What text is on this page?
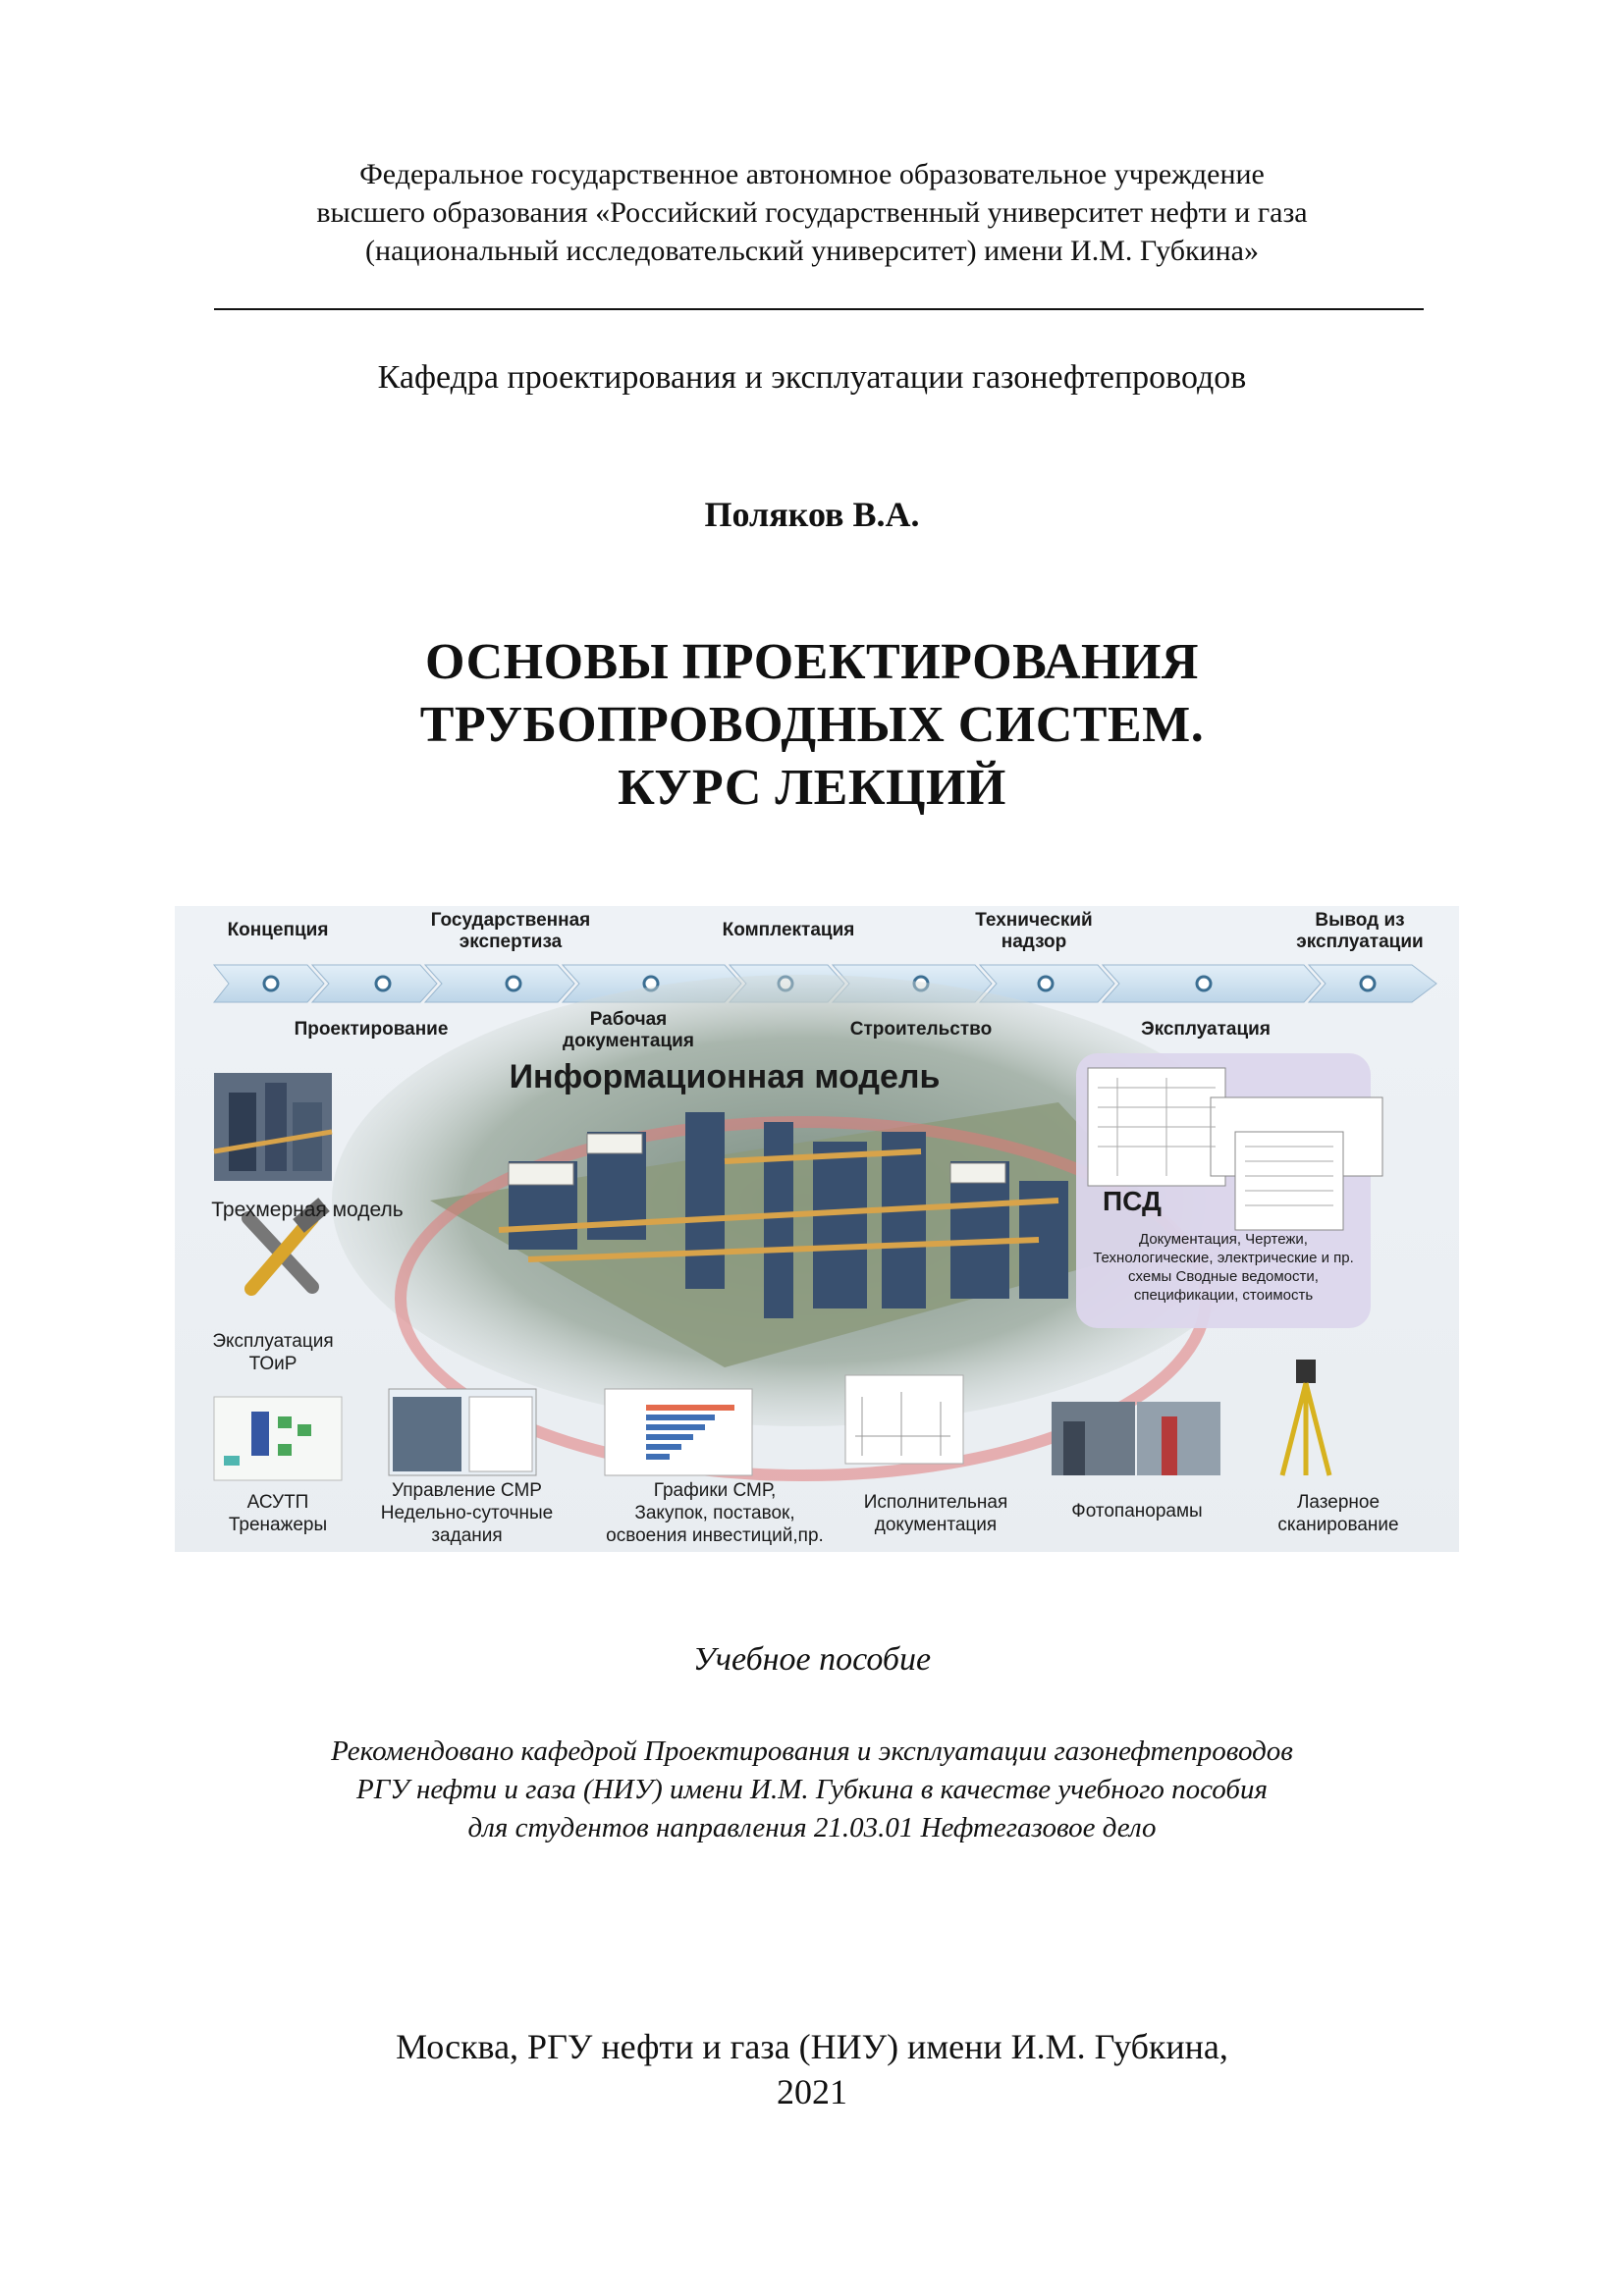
Федеральное государственное автономное образовательное учреждение
высшего образования «Российский государственный университет нефти и газа
(национальный исследовательский университет) имени И.М. Губкина»
Кафедра проектирования и эксплуатации газонефтепроводов
Поляков В.А.
ОСНОВЫ ПРОЕКТИРОВАНИЯ
ТРУБОПРОВОДНЫХ СИСТЕМ.
КУРС ЛЕКЦИЙ
Концепция	Государственная
экспертиза
Комплектация	Технический
надзор
Вывод из
эксплуатации
Проектирование	Рабочая
документация
Строительство	Эксплуатация
Информационная модель
Трехмерная модель
Эксплуатация
ТОиР
ПСД
Документация, Чертежи,
Технологические, электрические и пр.
схемы Сводные ведомости,
спецификации, стоимость
АСУТП
Тренажеры
Управление СМР
Недельно-суточные
задания
Графики СМР,
Закупок, поставок,
освоения инвестиций,пр.
Исполнительная
документация
Фотопанорамы	Лазерное
сканирование
Учебное пособие
Рекомендовано кафедрой Проектирования и эксплуатации газонефтепроводов
РГУ нефти и газа (НИУ) имени И.М. Губкина в качестве учебного пособия
для студентов направления 21.03.01 Нефтегазовое дело
Москва, РГУ нефти и газа (НИУ) имени И.М. Губкина,
2021
